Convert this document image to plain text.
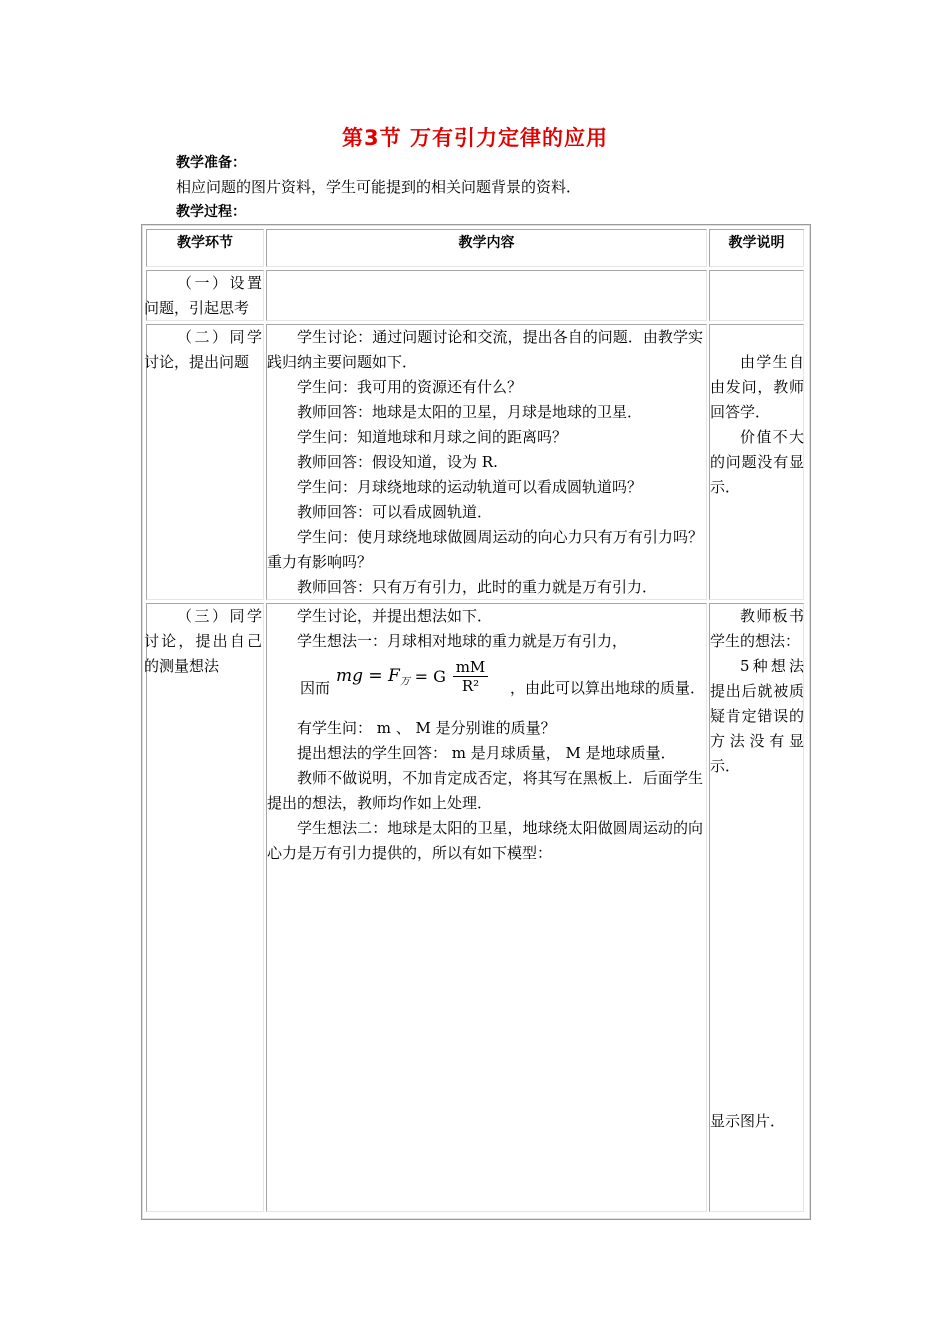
第3节 万有引力定律的应用
教学准备：
相应问题的图片资料，学生可能提到的相关问题背景的资料．
教学过程：
教学环节	教学内容	教学说明

（一）设置问题，引起思考

（二）同学讨论，提出问题

学生讨论：通过问题讨论和交流，提出各自的问题．由教学实践归纳主要问题如下．

学生问：我可用的资源还有什么？

教师回答：地球是太阳的卫星，月球是地球的卫星．

学生问：知道地球和月球之间的距离吗？

教师回答：假设知道，设为 R.

学生问：月球绕地球的运动轨道可以看成圆轨道吗？

教师回答：可以看成圆轨道．

学生问：使月球绕地球做圆周运动的向心力只有万有引力吗？重力有影响吗？

教师回答：只有万有引力，此时的重力就是万有引力．

由学生自由发问，教师回答学．

价值不大的问题没有显示．

（三）同学讨论，提出自己的测量想法

学生讨论，并提出想法如下．

学生想法一：月球相对地球的重力就是万有引力，

因而
mg = $F_万 = G \frac{mM}{\text{R²}}$ ，由此可以算出地球的质量．

有学生问： m 、 M 是分别谁的质量？

提出想法的学生回答： m 是月球质量， M 是地球质量．

教师不做说明，不加肯定成否定，将其写在黑板上．后面学生提出的想法，教师均作如上处理．

学生想法二：地球是太阳的卫星，地球绕太阳做圆周运动的向心力是万有引力提供的，所以有如下模型：

教师板书学生的想法：

5种想法提出后就被质疑肯定错误的方法没有显示．

显示图片．
